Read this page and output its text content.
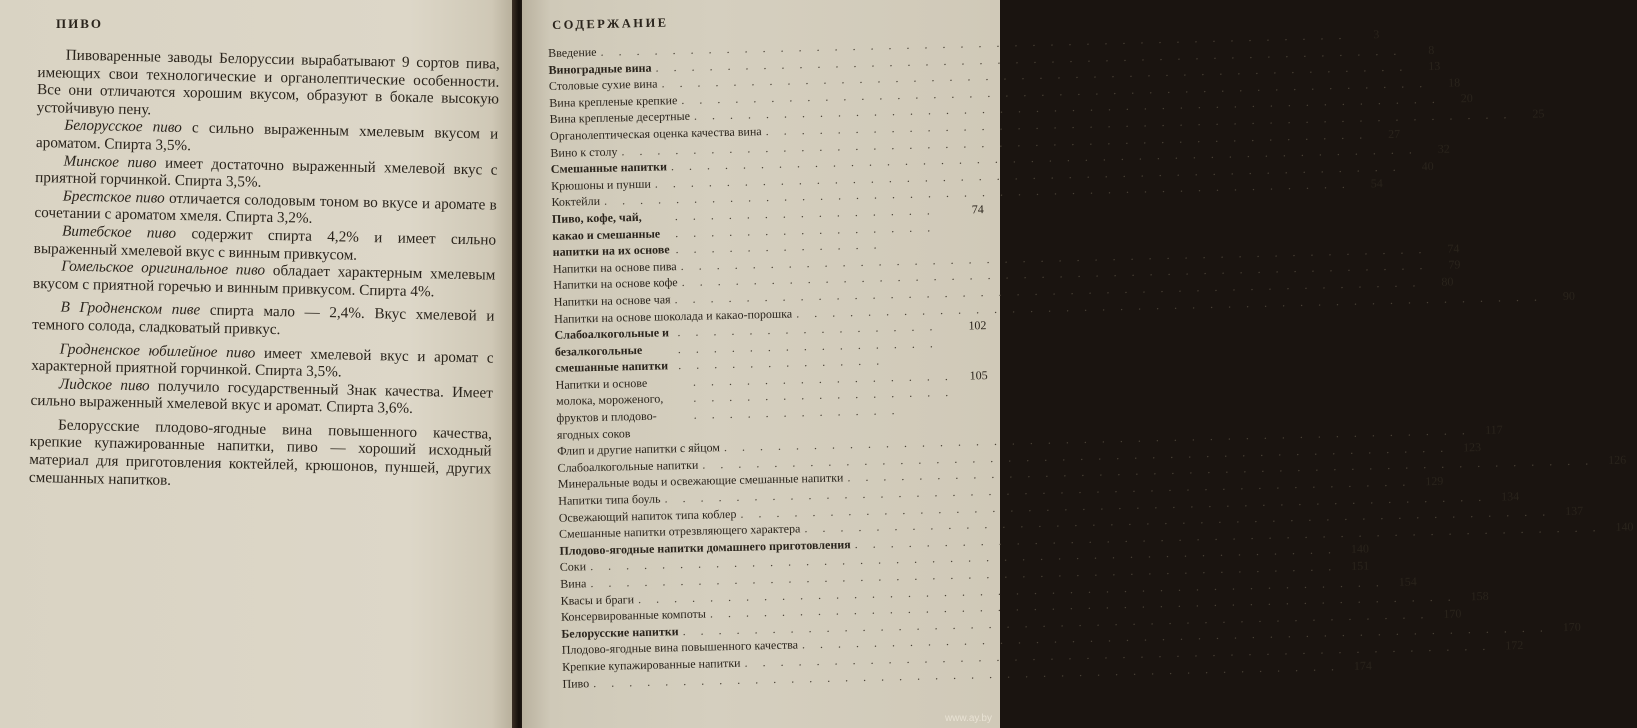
ПИВО

Пивоваренные заводы Белоруссии вырабатывают 9 сортов пива, имеющих свои технологические и органолептические особенности. Все они отличаются хорошим вкусом, образуют в бокале высокую устойчивую пену.

Белорусское пиво с сильно выраженным хмелевым вкусом и ароматом. Спирта 3,5%.

Минское пиво имеет достаточно выраженный хмелевой вкус с приятной горчинкой. Спирта 3,5%.

Брестское пиво отличается солодовым тоном во вкусе и аромате в сочетании с ароматом хмеля. Спирта 3,2%.

Витебское пиво содержит спирта 4,2% и имеет сильно выраженный хмелевой вкус с винным привкусом.

Гомельское оригинальное пиво обладает характерным хмелевым вкусом с приятной горечью и винным привкусом. Спирта 4%.

В Гродненском пиве спирта мало — 2,4%. Вкус хмелевой и темного солода, сладковатый привкус.

Гродненское юбилейное пиво имеет хмелевой вкус и аромат с характерной приятной горчинкой. Спирта 3,5%.

Лидское пиво получило государственный Знак качества. Имеет сильно выраженный хмелевой вкус и аромат. Спирта 3,6%.

Белорусские плодово-ягодные вина повышенного качества, крепкие купажированные напитки, пиво — хороший исходный материал для приготовления коктейлей, крюшонов, пуншей, других смешанных напитков.

СОДЕРЖАНИЕ
Введение
. . .
3
Виноградные вина
. . .
8
Столовые сухие вина
. . .
13
Вина крепленые крепкие
. . .
18
Вина крепленые десертные
. . .
20
Органолептическая оценка качества вина
. . .
25
Вино к столу
. . .
27
Смешанные напитки
. . .
32
Крюшоны и пунши
. . .
40
Коктейли
. . .
54
Пиво, кофе, чай, какао и смешанные напитки на их основе
. . .
74
Напитки на основе пива
. . .
74
Напитки на основе кофе
. . .
79
Напитки на основе чая
. . .
80
Напитки на основе шоколада и какао-порошка
. . .
90
Слабоалкогольные и безалкогольные смешанные напитки
. . .
102
Напитки и основе молока, мороженого, фруктов и плодово-ягодных соков
. . .
105
Флип и другие напитки с яйцом
. . .
117
Слабоалкогольные напитки
. . .
123
Минеральные воды и освежающие смешанные напитки
. . .
126
Напитки типа боуль
. . .
129
Освежающий напиток типа коблер
. . .
134
Смешанные напитки отрезвляющего характера
. . .
137
Плодово-ягодные напитки домашнего приготовления
. . .
140
Соки
. . .
140
Вина
. . .
151
Квасы и браги
. . .
154
Консервированные компоты
. . .
158
Белорусские напитки
. . .
170
Плодово-ягодные вина повышенного качества
. . .
170
Крепкие купажированные напитки
. . .
172
Пиво
. . .
174
www.ay.by
